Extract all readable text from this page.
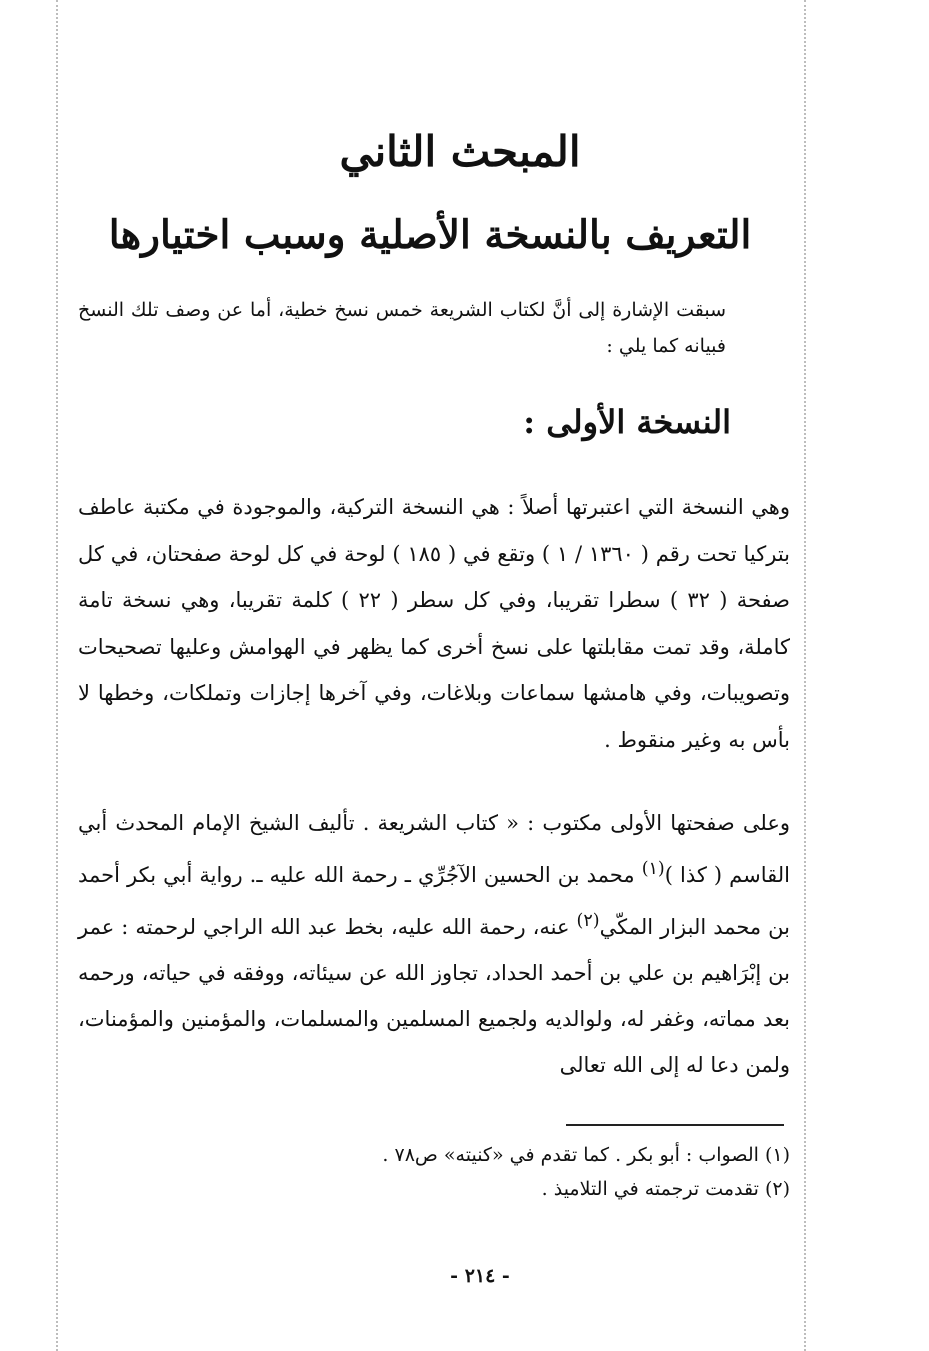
المبحث الثاني
التعريف بالنسخة الأصلية وسبب اختيارها
سبقت الإشارة إلى أنَّ لكتاب الشريعة خمس نسخ خطية، أما عن وصف تلك النسخ فبيانه كما يلي :
النسخة الأولى :
وهي النسخة التي اعتبرتها أصلاً : هي النسخة التركية، والموجودة في مكتبة عاطف بتركيا تحت رقم ( ١٣٦٠ / ١ ) وتقع في ( ١٨٥ ) لوحة في كل لوحة صفحتان، في كل صفحة ( ٣٢ ) سطرا تقريبا، وفي كل سطر ( ٢٢ ) كلمة تقريبا، وهي نسخة تامة كاملة، وقد تمت مقابلتها على نسخ أخرى كما يظهر في الهوامش وعليها تصحيحات وتصويبات، وفي هامشها سماعات وبلاغات، وفي آخرها إجازات وتملكات، وخطها لا بأس به وغير منقوط .
وعلى صفحتها الأولى مكتوب : « كتاب الشريعة . تأليف الشيخ الإمام المحدث أبي القاسم ( كذا )$^{(١)}$ محمد بن الحسين الآجُرِّي ـ رحمة الله عليه ـ. رواية أبي بكر أحمد بن محمد البزار المكّي$^{(٢)}$ عنه، رحمة الله عليه، بخط عبد الله الراجي لرحمته : عمر بن إبْرَاهيم بن علي بن أحمد الحداد، تجاوز الله عن سيئاته، ووفقه في حياته، ورحمه بعد مماته، وغفر له، ولوالديه ولجميع المسلمين والمسلمات، والمؤمنين والمؤمنات، ولمن دعا له إلى الله تعالى
(١) الصواب : أبو بكر . كما تقدم في «كنيته» ص٧٨ .
(٢) تقدمت ترجمته في التلاميذ .
- ٢١٤ -
